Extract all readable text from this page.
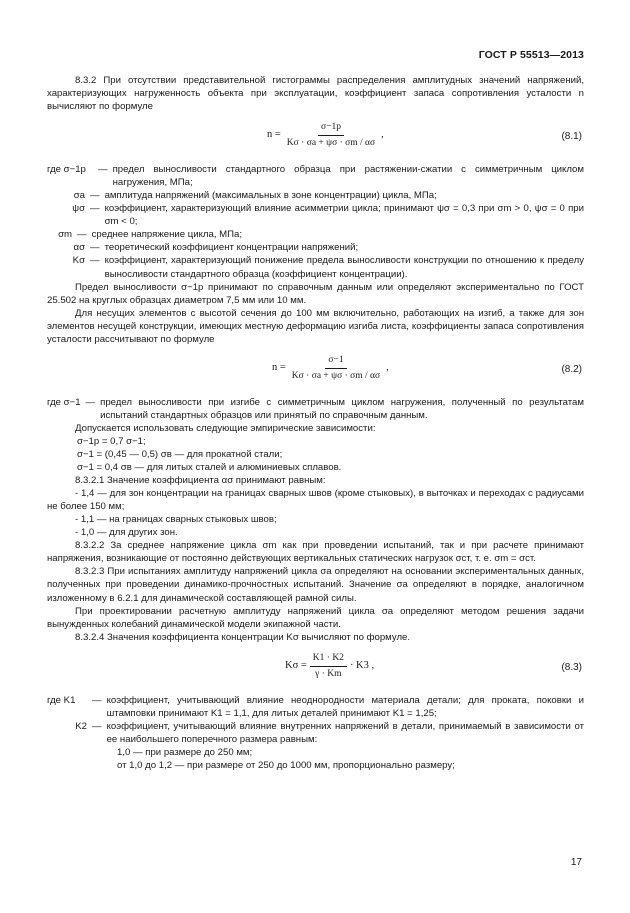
ГОСТ Р 55513—2013

8.3.2 При отсутствии представительной гистограммы распределения амплитудных значений напряжений, характеризующих нагруженность объекта при эксплуатации, коэффициент запаса сопротивления усталости n вычисляют по формуле

$n = \frac{\sigma-1р}{K\sigma \cdot \sigma a + \psi\sigma \cdot \sigma m / \alpha\sigma}$ ,	(8.1)
где σ−1р	— предел выносливости стандартного образца при растяжении-сжатии с симметричным циклом нагружения, МПа;
σa — амплитуда напряжений (максимальных в зоне концентрации) цикла, МПа;
ψσ — коэффициент, характеризующий влияние асимметрии цикла; принимают ψσ = 0,3 при σm > 0, ψσ = 0 при σm < 0;
σm — среднее напряжение цикла, МПа;
ασ — теоретический коэффициент концентрации напряжений;
Kσ — коэффициент, характеризующий понижение предела выносливости конструкции по отношению к пределу выносливости стандартного образца (коэффициент концентрации).

Предел выносливости σ−1р принимают по справочным данным или определяют экспериментально по ГОСТ 25.502 на круглых образцах диаметром 7,5 мм или 10 мм.

Для несущих элементов с высотой сечения до 100 мм включительно, работающих на изгиб, а также для зон элементов несущей конструкции, имеющих местную деформацию изгиба листа, коэффициенты запаса сопротивления усталости рассчитывают по формуле

$n = \frac{\sigma-1}{K\sigma \cdot \sigma a + \psi\sigma \cdot \sigma m / \alpha\sigma}$ ,	(8.2)
где σ−1 — предел выносливости при изгибе с симметричным циклом нагружения, полученный по результатам испытаний стандартных образцов или принятый по справочным данным.

Допускается использовать следующие эмпирические зависимости:

σ−1р = 0,7 σ−1;

σ−1 = (0,45 — 0,5) σв — для прокатной стали;

σ−1 = 0,4 σв — для литых сталей и алюминиевых сплавов.

8.3.2.1 Значение коэффициента ασ принимают равным:

- 1,4 — для зон концентрации на границах сварных швов (кроме стыковых), в выточках и переходах с радиусами не более 150 мм;

- 1,1 — на границах сварных стыковых швов;

- 1,0 — для других зон.

8.3.2.2 За среднее напряжение цикла σm как при проведении испытаний, так и при расчете принимают напряжения, возникающие от постоянно действующих вертикальных статических нагрузок σст, т. е. σm = σст.

8.3.2.3 При испытаниях амплитуду напряжений цикла σa определяют на основании экспериментальных данных, полученных при проведении динамико-прочностных испытаний. Значение σa определяют в порядке, аналогичном изложенному в 6.2.1 для динамической составляющей рамной силы.

При проектировании расчетную амплитуду напряжений цикла σa определяют методом решения задачи вынужденных колебаний динамической модели экипажной части.

8.3.2.4 Значения коэффициента концентрации Kσ вычисляют по формуле.

$K\sigma = \frac{K1 \cdot K2}{\gamma \cdot Km} \cdot K3$ ,	(8.3)
где K1	— коэффициент, учитывающий влияние неоднородности материала детали; для проката, поковки и штамповки принимают K1 = 1,1, для литых деталей принимают K1 = 1,25;
K2 — коэффициент, учитывающий влияние внутренних напряжений в детали, принимаемый в зависимости от ее наибольшего поперечного размера равным:

1,0 — при размере до 250 мм;

от 1,0 до 1,2 — при размере от 250 до 1000 мм, пропорционально размеру;

17
